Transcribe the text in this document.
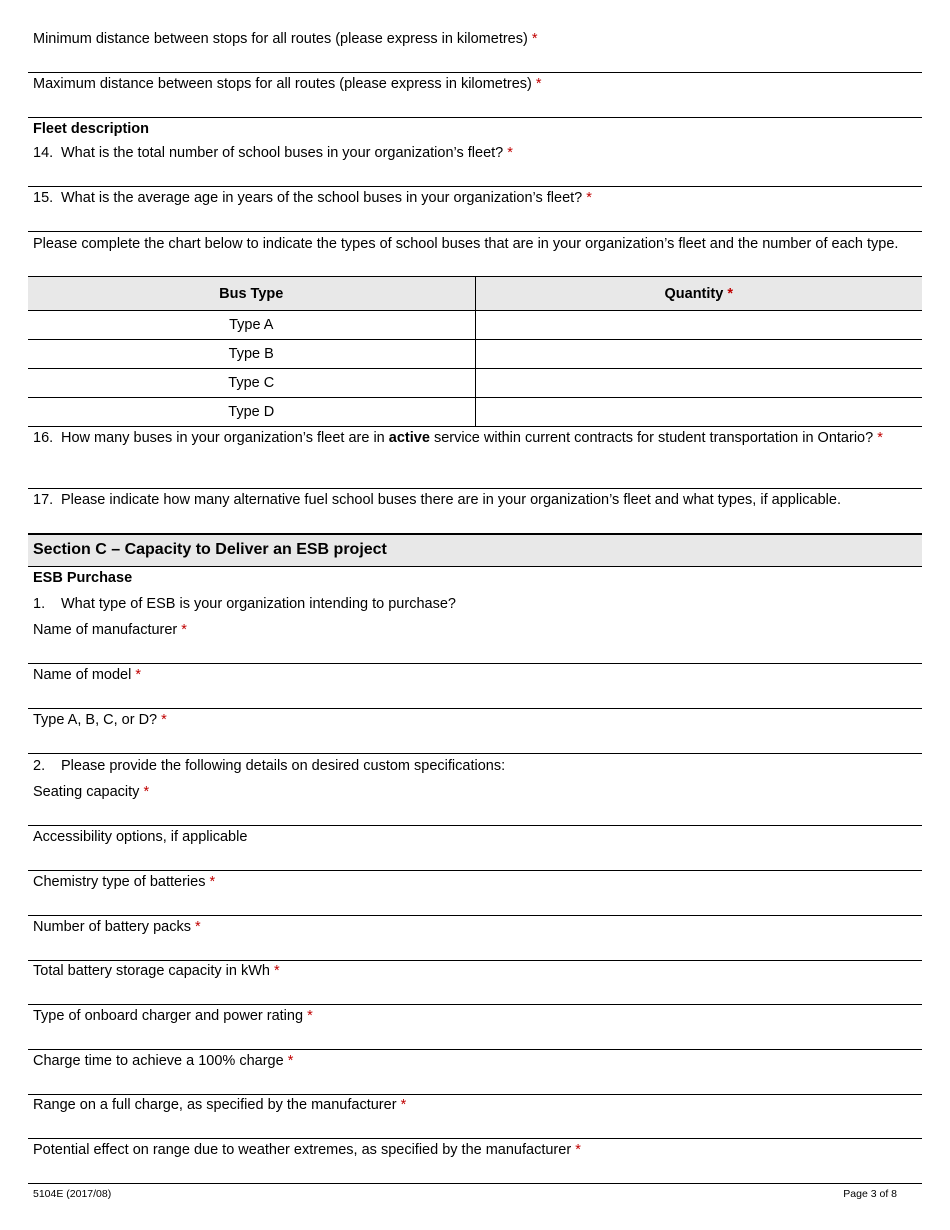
Minimum distance between stops for all routes (please express in kilometres) *
Maximum distance between stops for all routes (please express in kilometres) *
Fleet description
14. What is the total number of school buses in your organization’s fleet? *
15. What is the average age in years of the school buses in your organization’s fleet? *
Please complete the chart below to indicate the types of school buses that are in your organization’s fleet and the number of each type.
Bus Type	Quantity *
Type A	
Type B	
Type C	
Type D	
16. How many buses in your organization’s fleet are in active service within current contracts for student transportation in Ontario? *
17. Please indicate how many alternative fuel school buses there are in your organization’s fleet and what types, if applicable.
Section C – Capacity to Deliver an ESB project
ESB Purchase
1. What type of ESB is your organization intending to purchase?
Name of manufacturer *
Name of model *
Type A, B, C, or D? *
2. Please provide the following details on desired custom specifications:
Seating capacity *
Accessibility options, if applicable
Chemistry type of batteries *
Number of battery packs *
Total battery storage capacity in kWh *
Type of onboard charger and power rating *
Charge time to achieve a 100% charge *
Range on a full charge, as specified by the manufacturer *
Potential effect on range due to weather extremes, as specified by the manufacturer *
5104E (2017/08)	Page 3 of 8
